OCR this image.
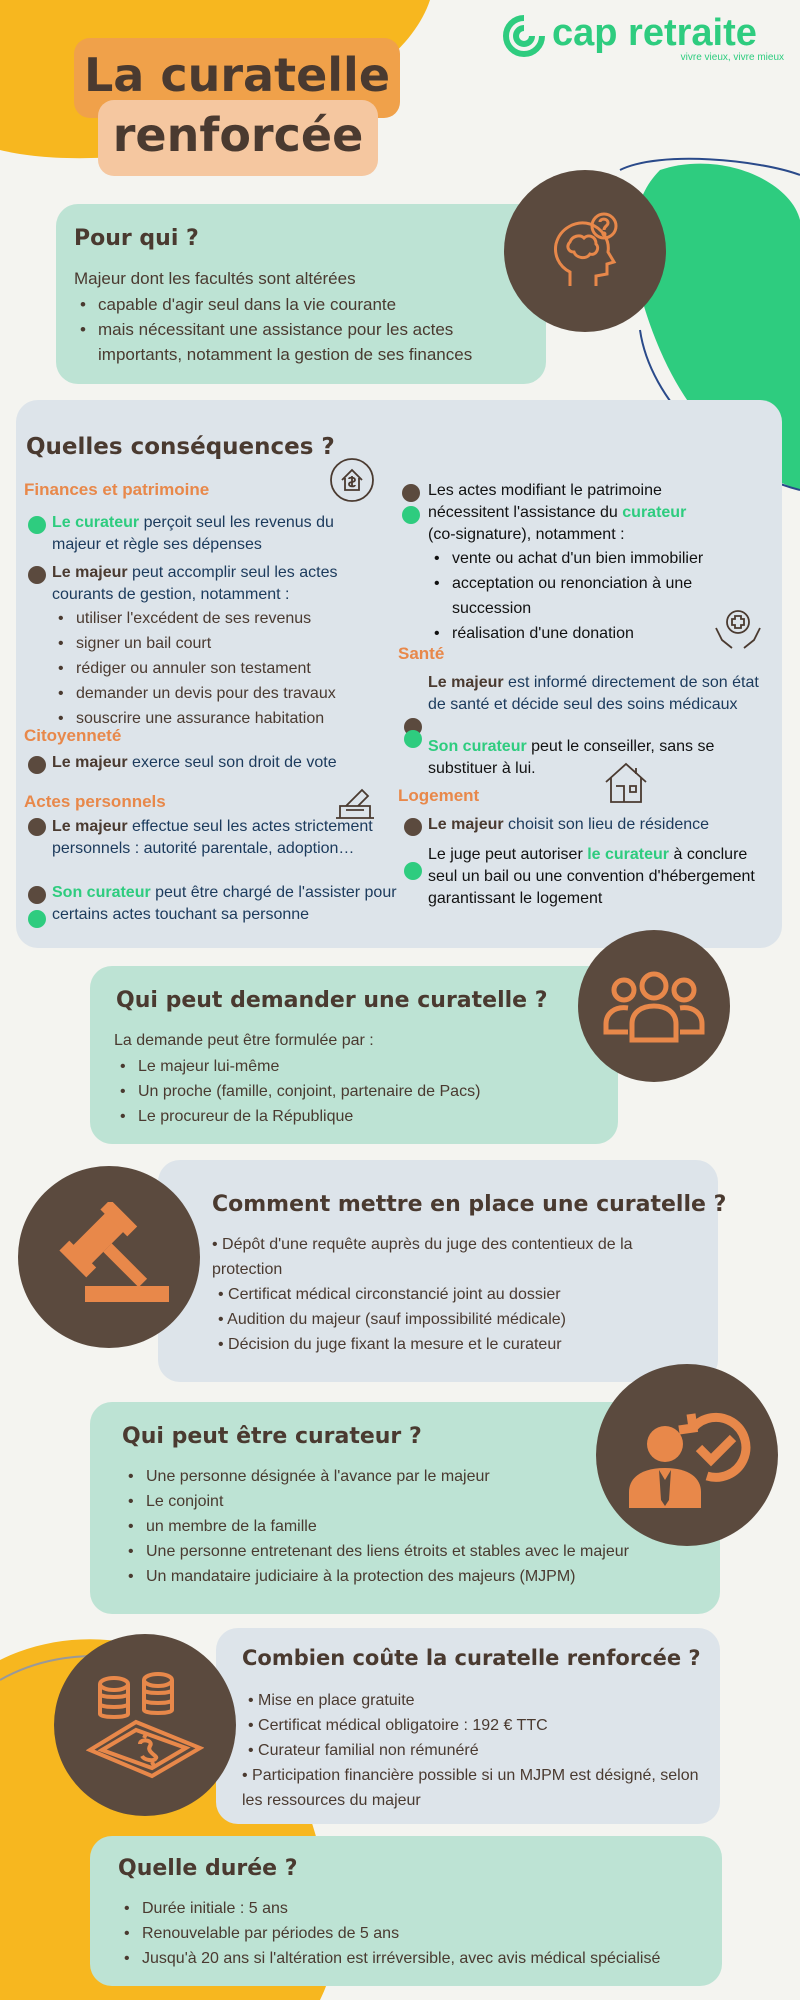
cap retraite
vivre vieux, vivre mieux
La curatelle
renforcée
Pour qui ?
Majeur dont les facultés sont altérées
• capable d'agir seul dans la vie courante
• mais nécessitant une assistance pour les actes importants, notamment la gestion de ses finances
Quelles conséquences ?
Finances et patrimoine
Le curateur perçoit seul les revenus du majeur et règle ses dépenses
Le majeur peut accomplir seul les actes courants de gestion, notamment :
• utiliser l'excédent de ses revenus
• signer un bail court
• rédiger ou annuler son testament
• demander un devis pour des travaux
• souscrire une assurance habitation
Citoyenneté
Le majeur exerce seul son droit de vote
Actes personnels
Le majeur effectue seul les actes strictement personnels : autorité parentale, adoption…
Son curateur peut être chargé de l'assister pour certains actes touchant sa personne
Les actes modifiant le patrimoine nécessitent l'assistance du curateur (co-signature), notamment :
• vente ou achat d'un bien immobilier
• acceptation ou renonciation à une succession
• réalisation d'une donation
Santé
Le majeur est informé directement de son état de santé et décide seul des soins médicaux
Son curateur peut le conseiller, sans se substituer à lui.
Logement
Le majeur choisit son lieu de résidence
Le juge peut autoriser le curateur à conclure seul un bail ou une convention d'hébergement garantissant le logement
Qui peut demander une curatelle ?
La demande peut être formulée par :
• Le majeur lui-même
• Un proche (famille, conjoint, partenaire de Pacs)
• Le procureur de la République
Comment mettre en place une curatelle ?
• Dépôt d'une requête auprès du juge des contentieux de la protection
• Certificat médical circonstancié joint au dossier
• Audition du majeur (sauf impossibilité médicale)
• Décision du juge fixant la mesure et le curateur
Qui peut être curateur ?
• Une personne désignée à l'avance par le majeur
• Le conjoint
• un membre de la famille
• Une personne entretenant des liens étroits et stables avec le majeur
• Un mandataire judiciaire à la protection des majeurs (MJPM)
Combien coûte la curatelle renforcée ?
• Mise en place gratuite
• Certificat médical obligatoire : 192 € TTC
• Curateur familial non rémunéré
• Participation financière possible si un MJPM est désigné, selon les ressources du majeur
Quelle durée ?
• Durée initiale : 5 ans
• Renouvelable par périodes de 5 ans
• Jusqu'à 20 ans si l'altération est irréversible, avec avis médical spécialisé
